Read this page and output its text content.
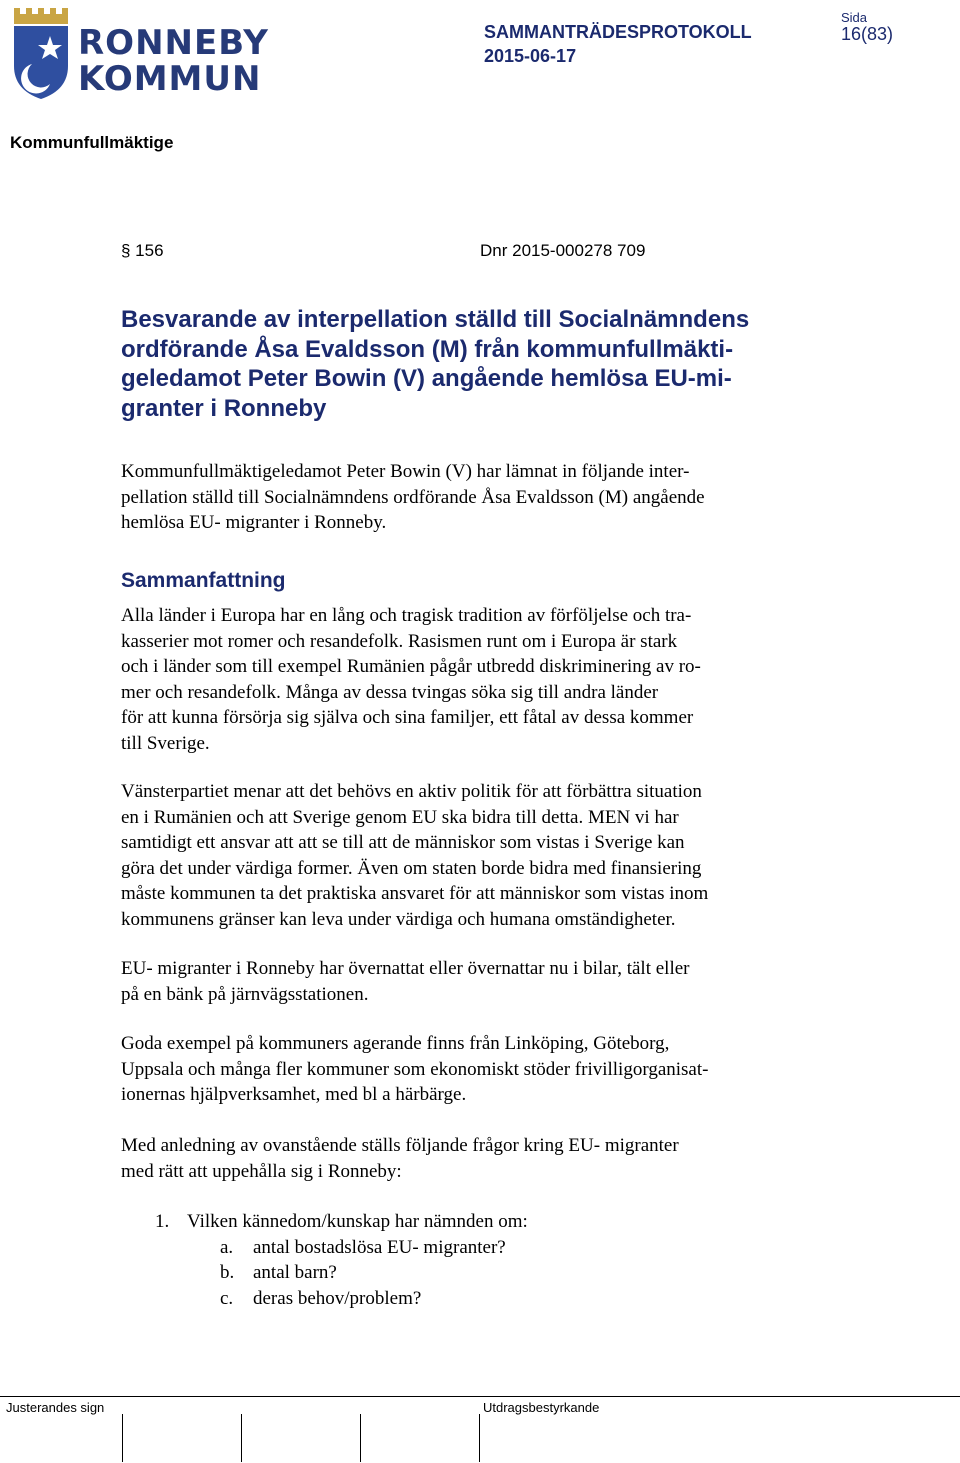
RONNEBY
KOMMUN
SAMMANTRÄDESPROTOKOLL
2015-06-17
Sida
16(83)
Kommunfullmäktige
§ 156	Dnr 2015-000278 709
Besvarande av interpellation ställd till Socialnämndens
ordförande Åsa Evaldsson (M) från kommunfullmäkti-
geledamot Peter Bowin (V) angående hemlösa EU-mi-
granter i Ronneby
Kommunfullmäktigeledamot Peter Bowin (V) har lämnat in följande inter-
pellation ställd till Socialnämndens ordförande Åsa Evaldsson (M) angående
hemlösa EU- migranter i Ronneby.
Sammanfattning
Alla länder i Europa har en lång och tragisk tradition av förföljelse och tra-
kasserier mot romer och resandefolk. Rasismen runt om i Europa är stark
och i länder som till exempel Rumänien pågår utbredd diskriminering av ro-
mer och resandefolk. Många av dessa tvingas söka sig till andra länder
för att kunna försörja sig själva och sina familjer, ett fåtal av dessa kommer
till Sverige.
Vänsterpartiet menar att det behövs en aktiv politik för att förbättra situation
en i Rumänien och att Sverige genom EU ska bidra till detta. MEN vi har
samtidigt ett ansvar att att se till att de människor som vistas i Sverige kan
göra det under värdiga former. Även om staten borde bidra med finansiering
måste kommunen ta det praktiska ansvaret för att människor som vistas inom
kommunens gränser kan leva under värdiga och humana omständigheter.
EU- migranter i Ronneby har övernattat eller övernattar nu i bilar, tält eller
på en bänk på järnvägsstationen.
Goda exempel på kommuners agerande finns från Linköping, Göteborg,
Uppsala och många fler kommuner som ekonomiskt stöder frivilligorganisat-
ionernas hjälpverksamhet, med bl a härbärge.
Med anledning av ovanstående ställs följande frågor kring EU- migranter
med rätt att uppehålla sig i Ronneby:
1. Vilken kännedom/kunskap har nämnden om:
a. antal bostadslösa EU- migranter?
b. antal barn?
c. deras behov/problem?
Justerandes sign	Utdragsbestyrkande
